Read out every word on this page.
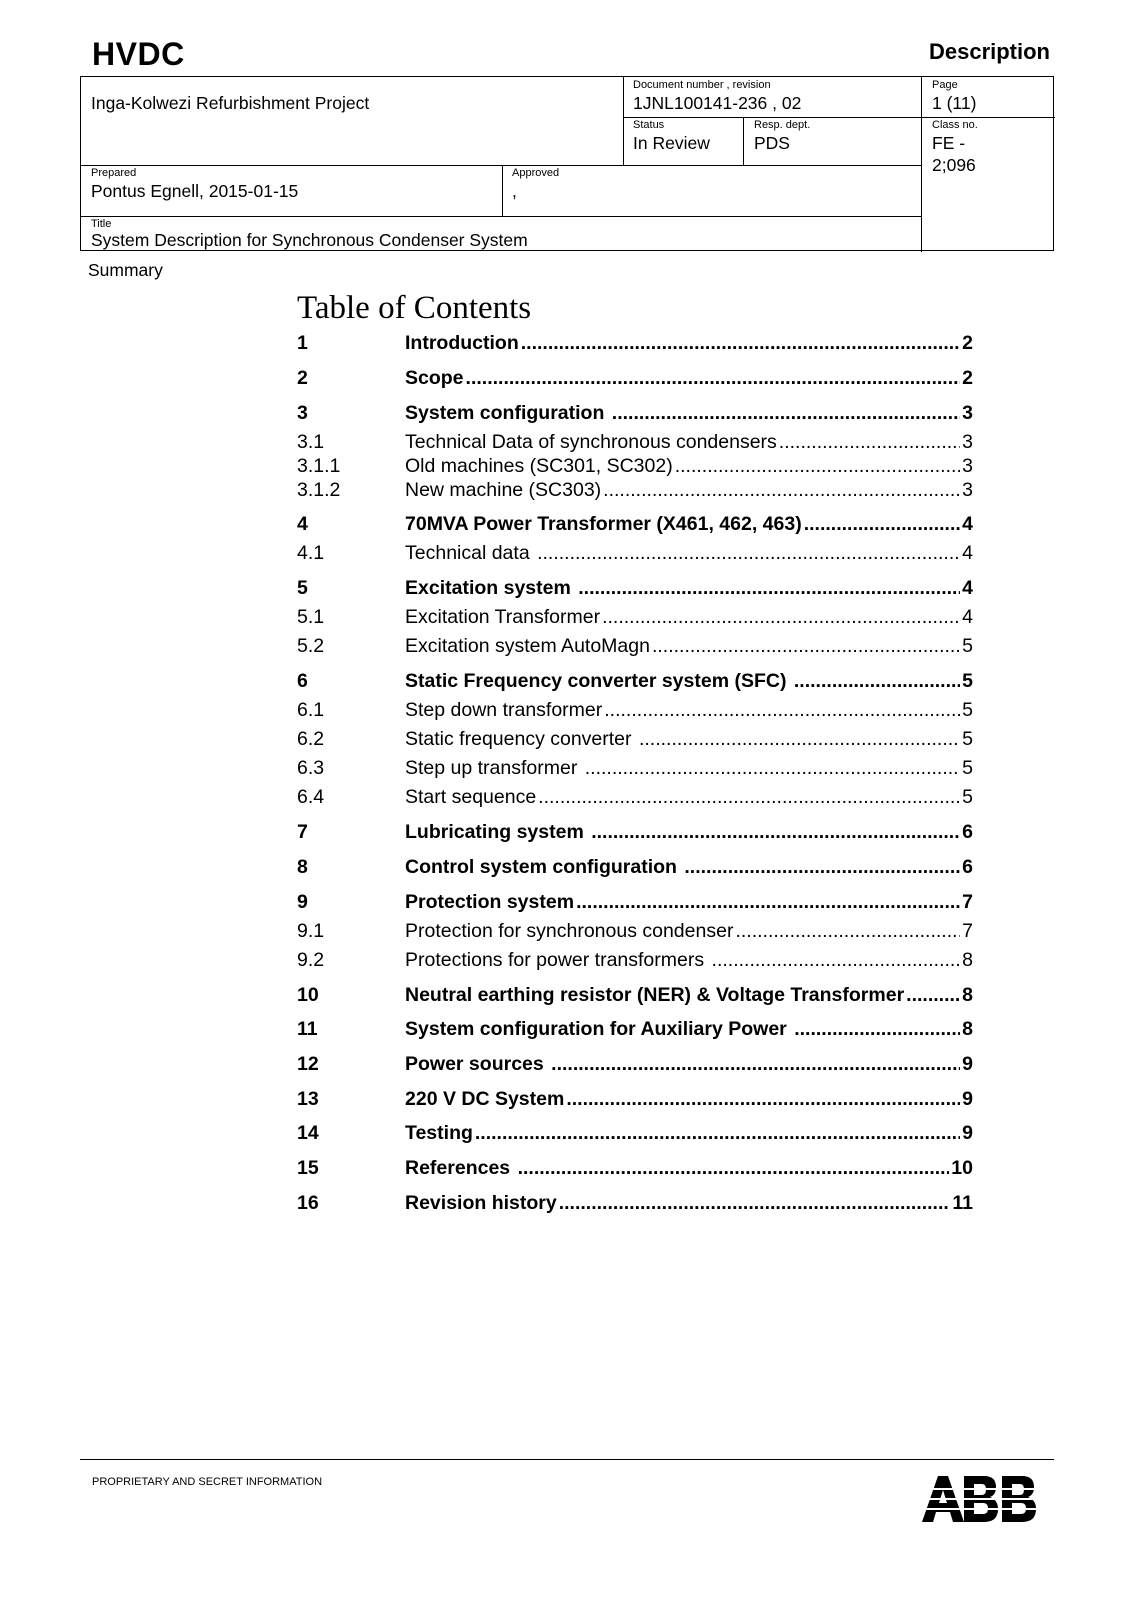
HVDC	Description
Inga-Kolwezi Refurbishment Project
Document number , revision
1JNL100141-236 , 02
Page
1 (11)
Status
In Review
Resp. dept.
PDS
Class no.
FE -
2;096
Prepared
Pontus Egnell, 2015-01-15
Approved
,
Title
System Description for Synchronous Condenser System
Summary
Table of Contents
1	Introduction .....	2
2	Scope .....	2
3	System configuration .....	3
3.1	Technical Data of synchronous condensers .....	3
3.1.1	Old machines (SC301, SC302) .....	3
3.1.2	New machine (SC303) .....	3
4	70MVA Power Transformer (X461, 462, 463) .....	4
4.1	Technical data .....	4
5	Excitation system .....	4
5.1	Excitation Transformer .....	4
5.2	Excitation system AutoMagn .....	5
6	Static Frequency converter system (SFC) .....	5
6.1	Step down transformer .....	5
6.2	Static frequency converter .....	5
6.3	Step up transformer .....	5
6.4	Start sequence .....	5
7	Lubricating system .....	6
8	Control system configuration .....	6
9	Protection system .....	7
9.1	Protection for synchronous condenser .....	7
9.2	Protections for power transformers .....	8
10	Neutral earthing resistor (NER) & Voltage Transformer .....	8
11	System configuration for Auxiliary Power .....	8
12	Power sources .....	9
13	220 V DC System .....	9
14	Testing .....	9
15	References .....	10
16	Revision history .....	11
PROPRIETARY AND SECRET INFORMATION
